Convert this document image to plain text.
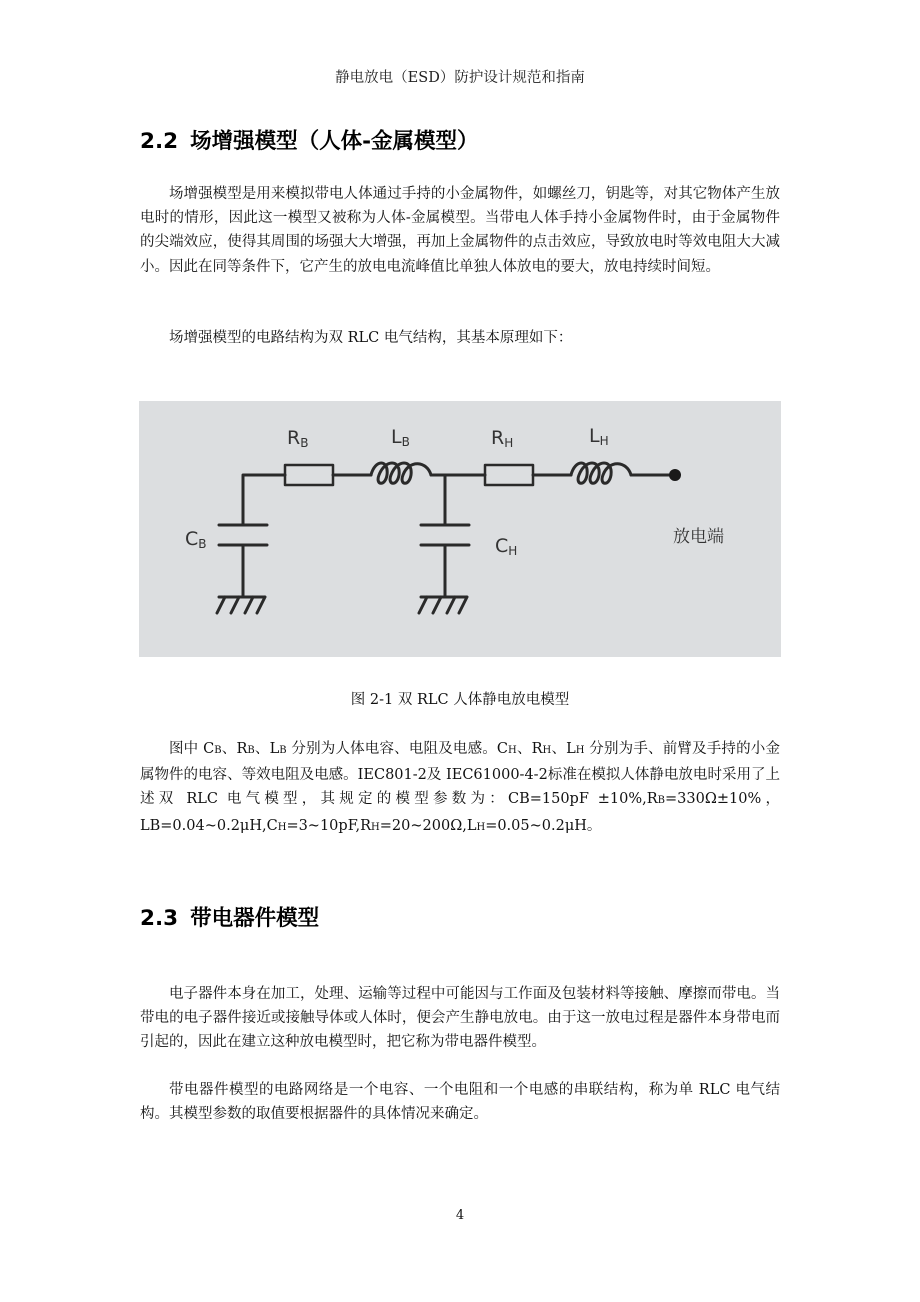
静电放电（ESD）防护设计规范和指南
2.2 场增强模型（人体-金属模型）

场增强模型是用来模拟带电人体通过手持的小金属物件，如螺丝刀，钥匙等，对其它物体产生放电时的情形，因此这一模型又被称为人体-金属模型。当带电人体手持小金属物件时，由于金属物件的尖端效应，使得其周围的场强大大增强，再加上金属物件的点击效应，导致放电时等效电阻大大减小。因此在同等条件下，它产生的放电电流峰值比单独人体放电的要大，放电持续时间短。

场增强模型的电路结构为双 RLC 电气结构，其基本原理如下：

RB	LB	RH	LH
CB	CH
放电端
图 2-1 双 RLC 人体静电放电模型

图中 CB、RB、LB 分别为人体电容、电阻及电感。CH、RH、LH 分别为手、前臂及手持的小金属物件的电容、等效电阻及电感。IEC801-2及 IEC61000-4-2标准在模拟人体静电放电时采用了上述双 RLC 电气模型，其规定的模型参数为：CB=150pF ±10%,RB=330Ω±10%，LB=0.04~0.2μH,CH=3~10pF,RH=20~200Ω,LH=0.05~0.2μH。

2.3 带电器件模型

电子器件本身在加工，处理、运输等过程中可能因与工作面及包装材料等接触、摩擦而带电。当带电的电子器件接近或接触导体或人体时，便会产生静电放电。由于这一放电过程是器件本身带电而引起的，因此在建立这种放电模型时，把它称为带电器件模型。

带电器件模型的电路网络是一个电容、一个电阻和一个电感的串联结构，称为单 RLC 电气结构。其模型参数的取值要根据器件的具体情况来确定。

4
